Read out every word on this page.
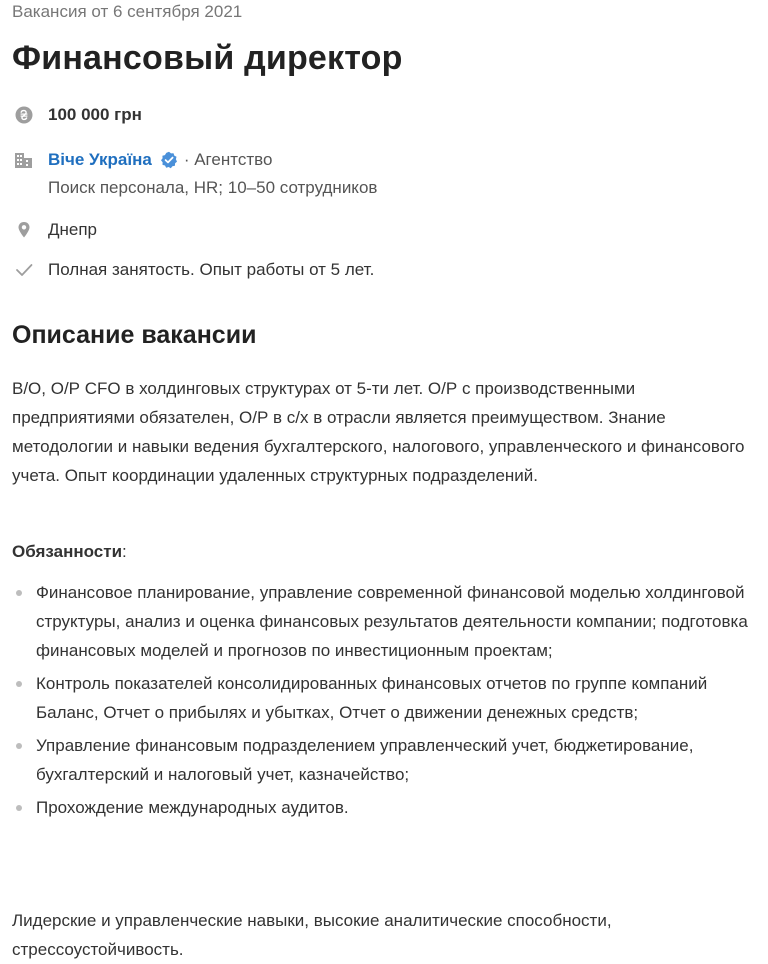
Вакансия от 6 сентября 2021
Финансовый директор
100 000 грн
Віче Україна · Агентство
Поиск персонала, HR; 10–50 сотрудников
Днепр
Полная занятость. Опыт работы от 5 лет.
Описание вакансии

В/О, О/Р CFO в холдинговых структурах от 5-ти лет. О/Р с производственными предприятиями обязателен, О/Р в с/х в отрасли является преимуществом. Знание методологии и навыки ведения бухгалтерского, налогового, управленческого и финансового учета. Опыт координации удаленных структурных подразделений.

Обязанности:
Финансовое планирование, управление современной финансовой моделью холдинговой структуры, анализ и оценка финансовых результатов деятельности компании; подготовка финансовых моделей и прогнозов по инвестиционным проектам;
Контроль показателей консолидированных финансовых отчетов по группе компаний Баланс, Отчет о прибылях и убытках, Отчет о движении денежных средств;
Управление финансовым подразделением управленческий учет, бюджетирование, бухгалтерский и налоговый учет, казначейство;
Прохождение международных аудитов.

Лидерские и управленческие навыки, высокие аналитические способности, стрессоустойчивость.
